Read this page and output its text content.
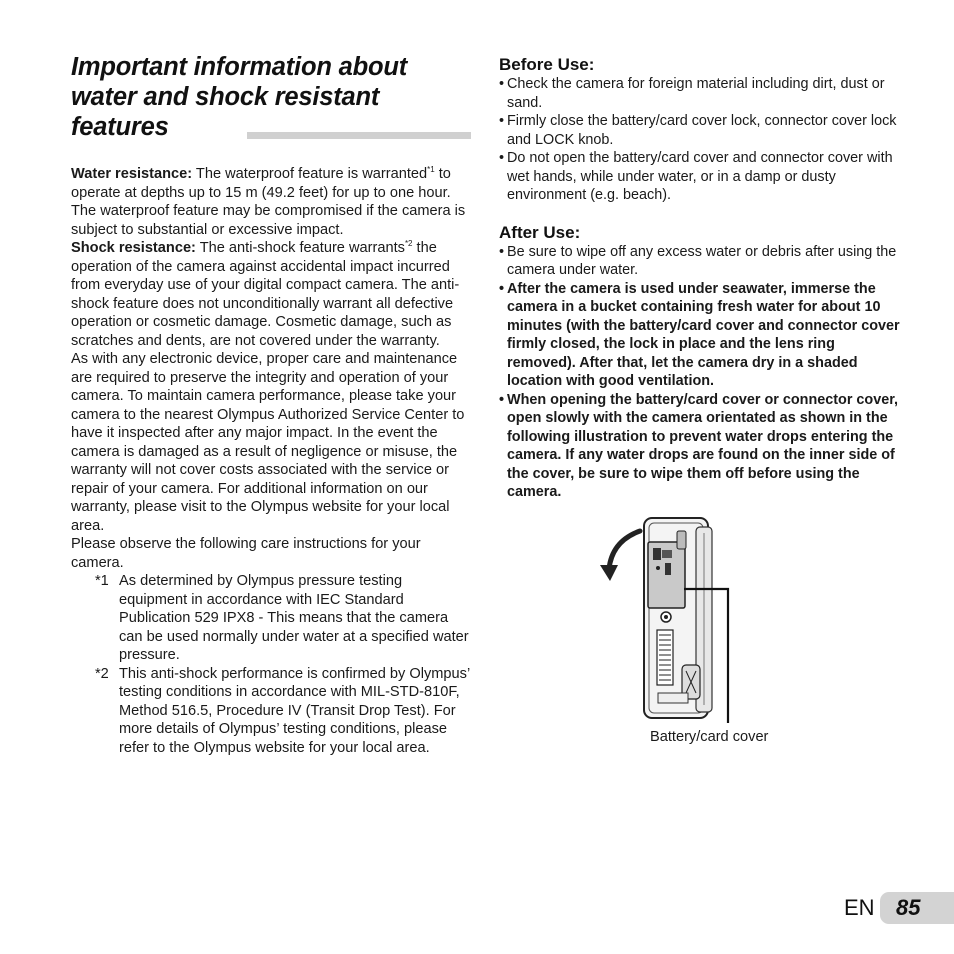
Important information about
water and shock resistant
features

Water resistance: The waterproof feature is warranted$^{*1}$ to operate at depths up to 15 m (49.2 feet) for up to one hour.

The waterproof feature may be compromised if the camera is subject to substantial or excessive impact.

Shock resistance: The anti-shock feature warrants$^{*2}$ the operation of the camera against accidental impact incurred from everyday use of your digital compact camera. The anti-shock feature does not unconditionally warrant all defective operation or cosmetic damage. Cosmetic damage, such as scratches and dents, are not covered under the warranty.

As with any electronic device, proper care and maintenance are required to preserve the integrity and operation of your camera. To maintain camera performance, please take your camera to the nearest Olympus Authorized Service Center to have it inspected after any major impact. In the event the camera is damaged as a result of negligence or misuse, the warranty will not cover costs associated with the service or repair of your camera. For additional information on our warranty, please visit to the Olympus website for your local area.

Please observe the following care instructions for your camera.

*1 As determined by Olympus pressure testing equipment in accordance with IEC Standard Publication 529 IPX8 - This means that the camera can be used normally under water at a specified water pressure.
*2 This anti-shock performance is confirmed by Olympus’ testing conditions in accordance with MIL-STD-810F, Method 516.5, Procedure IV (Transit Drop Test). For more details of Olympus’ testing conditions, please refer to the Olympus website for your local area.
Before Use:
• Check the camera for foreign material including dirt, dust or sand.
• Firmly close the battery/card cover lock, connector cover lock and LOCK knob.
• Do not open the battery/card cover and connector cover with wet hands, while under water, or in a damp or dusty environment (e.g. beach).
After Use:
• Be sure to wipe off any excess water or debris after using the camera under water.
• After the camera is used under seawater, immerse the camera in a bucket containing fresh water for about 10 minutes (with the battery/card cover and connector cover firmly closed, the lock in place and the lens ring removed). After that, let the camera dry in a shaded location with good ventilation.
• When opening the battery/card cover or connector cover, open slowly with the camera orientated as shown in the following illustration to prevent water drops entering the camera. If any water drops are found on the inner side of the cover, be sure to wipe them off before using the camera.
Battery/card cover
EN 85
